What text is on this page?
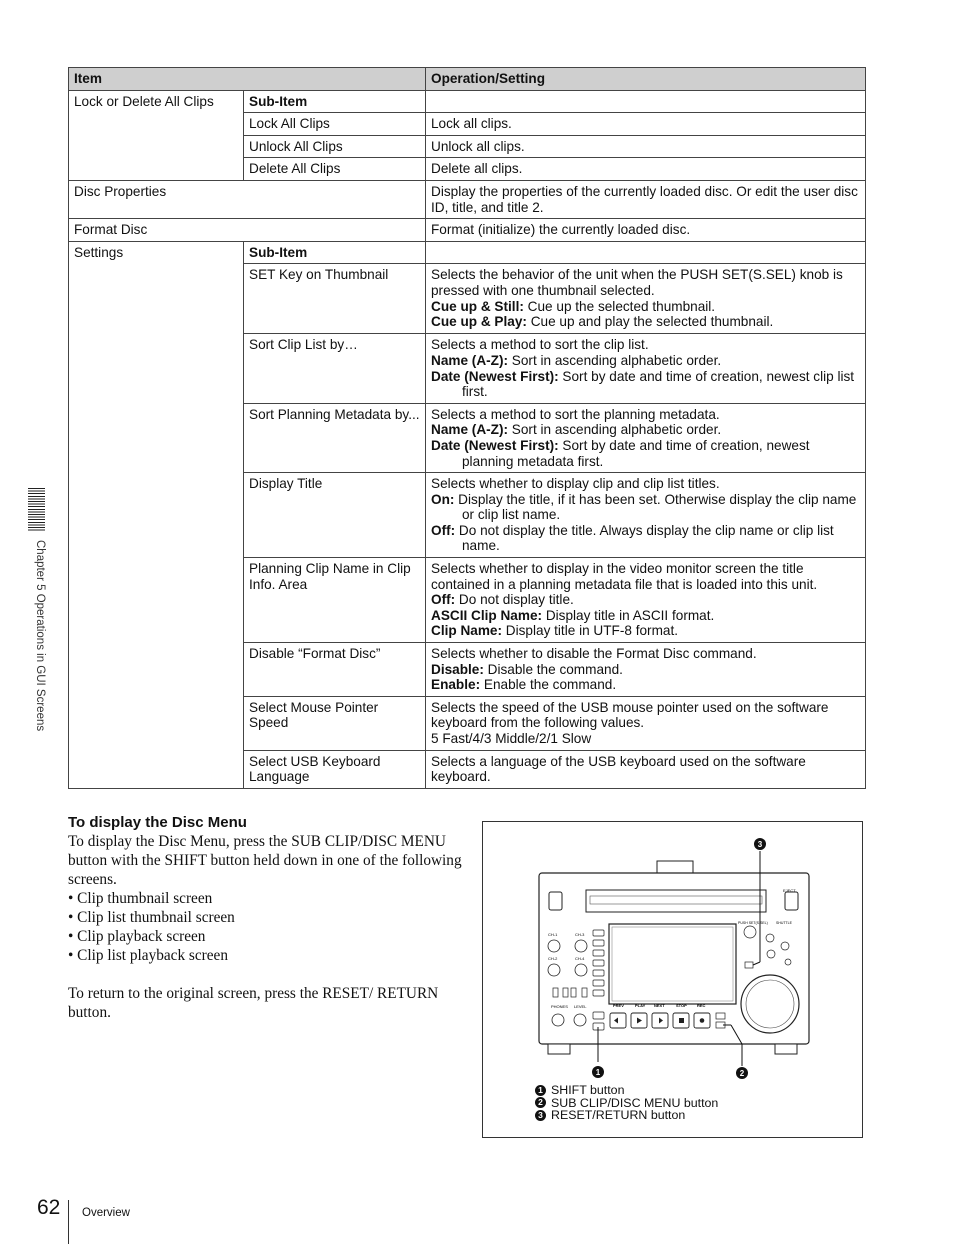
Item		Operation/Setting
Lock or Delete All Clips	Sub-Item	
	Lock All Clips	Lock all clips.
	Unlock All Clips	Unlock all clips.
	Delete All Clips	Delete all clips.
Disc Properties		Display the properties of the currently loaded disc. Or edit the user disc ID, title, and title 2.
Format Disc		Format (initialize) the currently loaded disc.
Settings	Sub-Item	
	SET Key on Thumbnail	Selects the behavior of the unit when the PUSH SET(S.SEL) knob is pressed with one thumbnail selected.
Cue up & Still: Cue up the selected thumbnail.
Cue up & Play: Cue up and play the selected thumbnail.

	Sort Clip List by…	Selects a method to sort the clip list.
Name (A-Z): Sort in ascending alphabetic order.
Date (Newest First): Sort by date and time of creation, newest clip list first.

	Sort Planning Metadata by...	Selects a method to sort the planning metadata.
Name (A-Z): Sort in ascending alphabetic order.
Date (Newest First): Sort by date and time of creation, newest planning metadata first.

	Display Title	Selects whether to display clip and clip list titles.
On: Display the title, if it has been set. Otherwise display the clip name or clip list name.
Off: Do not display the title. Always display the clip name or clip list name.

	Planning Clip Name in Clip Info. Area	Selects whether to display in the video monitor screen the title contained in a planning metadata file that is loaded into this unit.
Off: Do not display title.
ASCII Clip Name: Display title in ASCII format.
Clip Name: Display title in UTF-8 format.

	Disable “Format Disc”	Selects whether to disable the Format Disc command.
Disable: Disable the command.
Enable: Enable the command.

	Select Mouse Pointer Speed	Selects the speed of the USB mouse pointer used on the software keyboard from the following values.
5 Fast/4/3 Middle/2/1 Slow

	Select USB Keyboard Language	Selects a language of the USB keyboard used on the software keyboard.
Chapter 5 Operations in GUI Screens
To display the Disc Menu

To display the Disc Menu, press the SUB CLIP/DISC MENU button with the SHIFT button held down in one of the following screens.

• Clip thumbnail screen
• Clip list thumbnail screen
• Clip playback screen
• Clip list playback screen

To return to the original screen, press the RESET/ RETURN button.

EJECT
CH-1	CH-3
CH-2	CH-4
PHONES LEVEL	PREV	PLAY NEXT	STOP	REC
PUSH SET(S.SEL) SHUTTLE
1	2
3
1 SHIFT button
2 SUB CLIP/DISC MENU button
3 RESET/RETURN button
62 Overview
